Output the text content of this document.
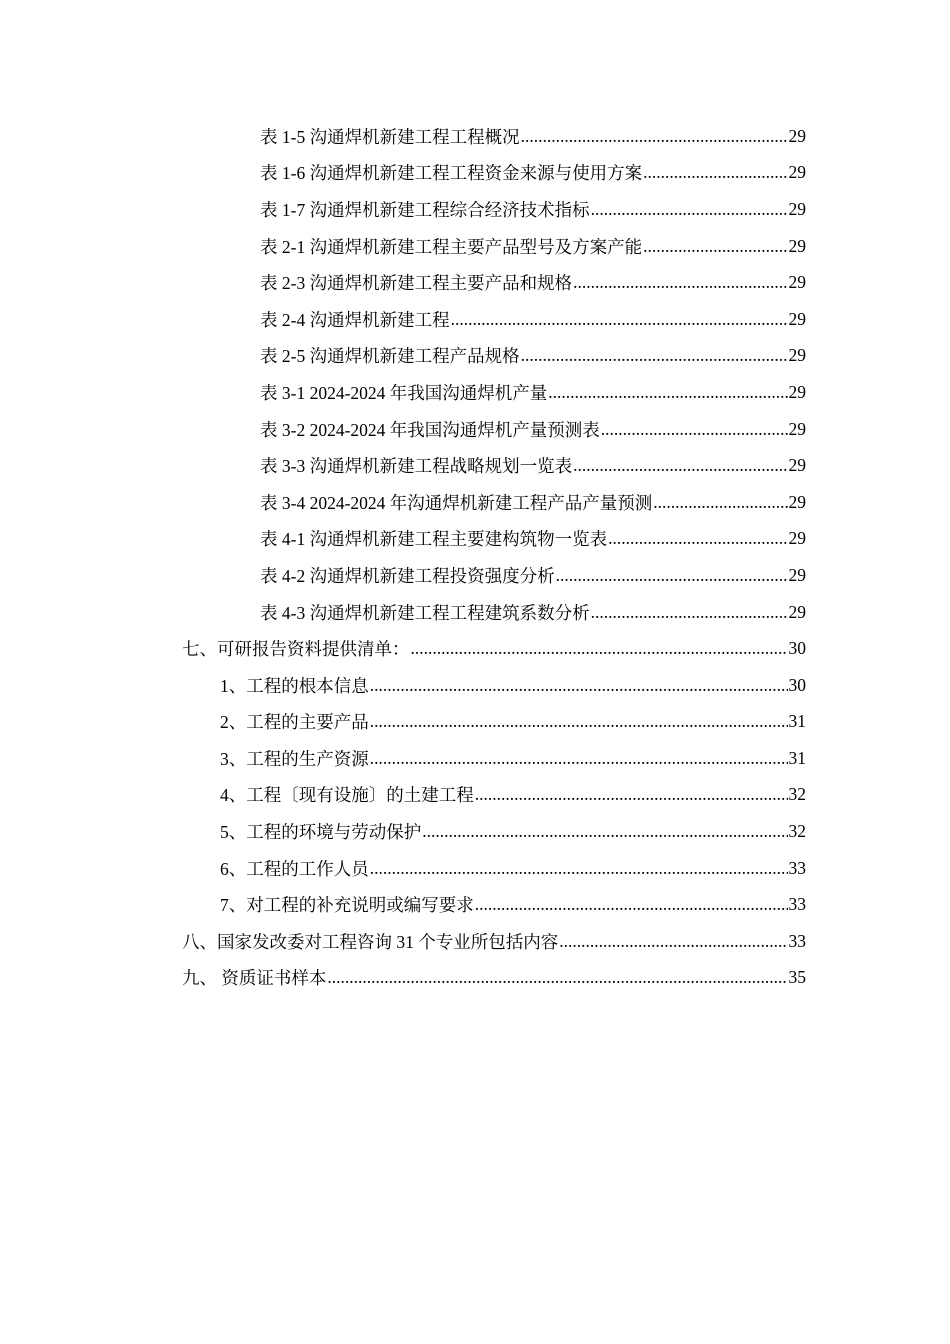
表 1-5 沟通焊机新建工程工程概况 .....	29
表 1-6 沟通焊机新建工程工程资金来源与使用方案 .....	29
表 1-7 沟通焊机新建工程综合经济技术指标 .....	29
表 2-1 沟通焊机新建工程主要产品型号及方案产能 .....	29
表 2-3 沟通焊机新建工程主要产品和规格 .....	29
表 2-4 沟通焊机新建工程 .....	29
表 2-5 沟通焊机新建工程产品规格 .....	29
表 3-1 2024-2024 年我国沟通焊机产量 .....	29
表 3-2 2024-2024 年我国沟通焊机产量预测表 .....	29
表 3-3 沟通焊机新建工程战略规划一览表 .....	29
表 3-4 2024-2024 年沟通焊机新建工程产品产量预测 .....	29
表 4-1 沟通焊机新建工程主要建构筑物一览表 .....	29
表 4-2 沟通焊机新建工程投资强度分析 .....	29
表 4-3 沟通焊机新建工程工程建筑系数分析 .....	29
七、可研报告资料提供清单： .....	30
1、工程的根本信息 .....	30
2、工程的主要产品 .....	31
3、工程的生产资源 .....	31
4、工程〔现有设施〕的土建工程 .....	32
5、工程的环境与劳动保护 .....	32
6、工程的工作人员 .....	33
7、对工程的补充说明或编写要求 .....	33
八、国家发改委对工程咨询 31 个专业所包括内容 .....	33
九、 资质证书样本 .....	35
